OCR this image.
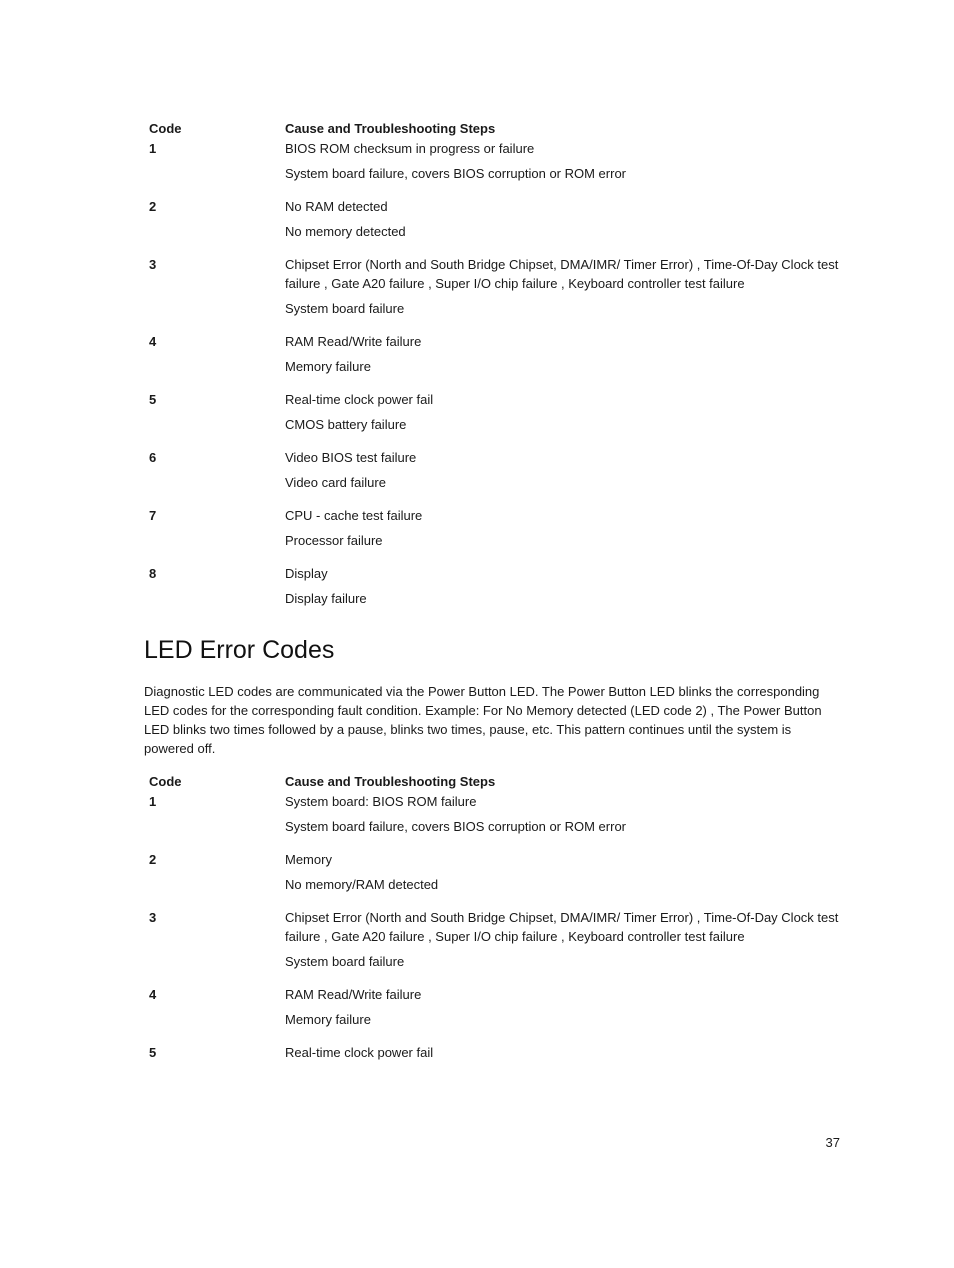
Code	Cause and Troubleshooting Steps
1	BIOS ROM checksum in progress or failure

System board failure, covers BIOS corruption or ROM error

2	No RAM detected

No memory detected

3	Chipset Error (North and South Bridge Chipset, DMA/IMR/ Timer Error) , Time-Of-Day Clock test failure , Gate A20 failure , Super I/O chip failure , Keyboard controller test failure

System board failure

4	RAM Read/Write failure

Memory failure

5	Real-time clock power fail

CMOS battery failure

6	Video BIOS test failure

Video card failure

7	CPU - cache test failure

Processor failure

8	Display

Display failure

LED Error Codes

Diagnostic LED codes are communicated via the Power Button LED. The Power Button LED blinks the corresponding LED codes for the corresponding fault condition. Example: For No Memory detected (LED code 2) , The Power Button LED blinks two times followed by a pause, blinks two times, pause, etc. This pattern continues until the system is powered off.

Code	Cause and Troubleshooting Steps
1	System board: BIOS ROM failure

System board failure, covers BIOS corruption or ROM error

2	Memory

No memory/RAM detected

3	Chipset Error (North and South Bridge Chipset, DMA/IMR/ Timer Error) , Time-Of-Day Clock test failure , Gate A20 failure , Super I/O chip failure , Keyboard controller test failure

System board failure

4	RAM Read/Write failure

Memory failure

5	Real-time clock power fail

37
